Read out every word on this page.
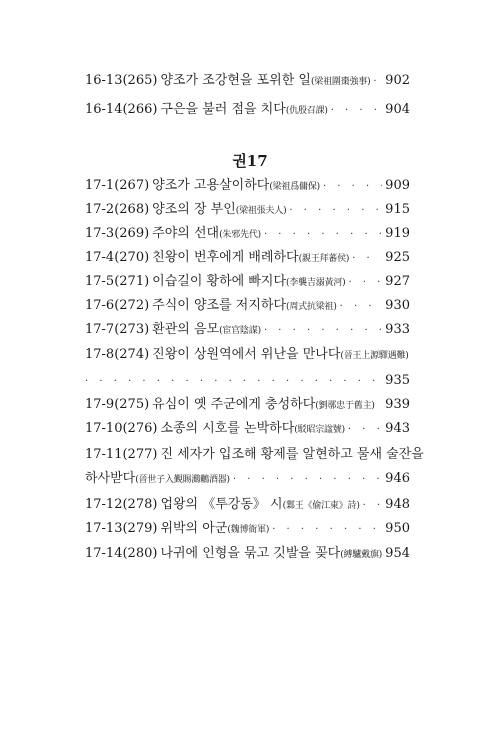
16-13(265) 양조가 조강현을 포위한 일 (梁祖圍棗強事) · · · 902
16-14(266) 구은을 불러 점을 치다 (仇殷召課) · · ·	904
권17
17-1(267) 양조가 고용살이하다 (梁祖爲傭保) · · ·	909
17-2(268) 양조의 장 부인 (梁祖張夫人) · · ·	915
17-3(269) 주야의 선대 (朱邪先代) · · ·	919
17-4(270) 친왕이 번후에게 배례하다 (親王拜蕃侯) · · ·	925
17-5(271) 이습길이 황하에 빠지다 (李襲吉溺黃河) · · ·	927
17-6(272) 주식이 양조를 저지하다 (周式抗梁祖) · · ·	930
17-7(273) 환관의 음모 (宦官陰謀) · · ·	933
17-8(274) 진왕이 상원역에서 위난을 만나다 (晉王上源驛遇難)
· · ·
935
17-9(275) 유심이 옛 주군에게 충성하다 (劉鄩忠于舊主) 939
17-10(276) 소종의 시호를 논박하다 (駁昭宗諡號) · · ·	943
17-11(277) 진 세자가 입조해 황제를 알현하고 물새 술잔을
하사받다 (晉世子入覲賜鸂鶒酒器) · · ·	946
17-12(278) 업왕의 《투강동》 시 (鄴王《偷江東》詩) · · · 948
17-13(279) 위박의 아군 (魏博衙軍) · · ·	950
17-14(280) 나귀에 인형을 묶고 깃발을 꽂다 (縛驢戴旗) 954
